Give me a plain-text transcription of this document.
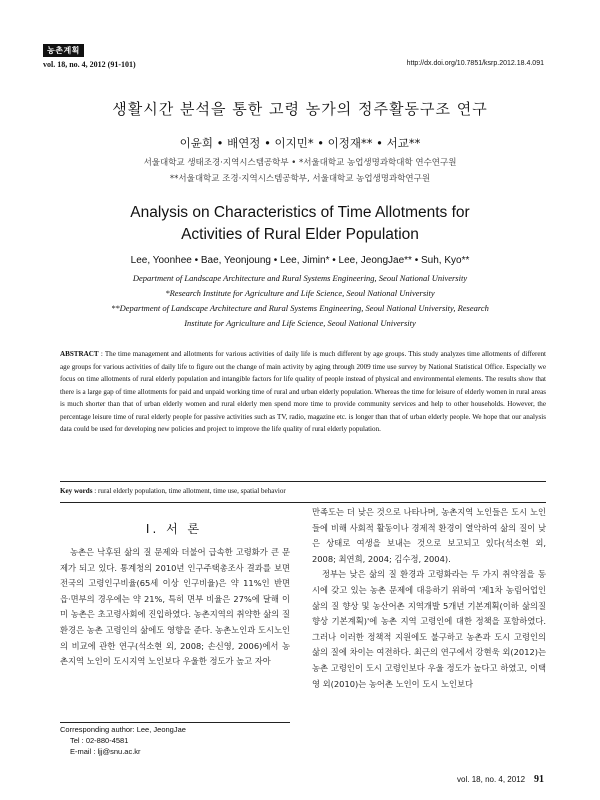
농촌계획
vol. 18, no. 4, 2012 (91-101)	http://dx.doi.org/10.7851/ksrp.2012.18.4.091
생활시간 분석을 통한 고령 농가의 정주활동구조 연구
이윤희 • 배연정 • 이지민* • 이정재** • 서교**
서울대학교 생태조경·지역시스템공학부 • *서울대학교 농업생명과학대학 연수연구원
**서울대학교 조경·지역시스템공학부, 서울대학교 농업생명과학연구원
Analysis on Characteristics of Time Allotments for
Activities of Rural Elder Population
Lee, Yoonhee • Bae, Yeonjoung • Lee, Jimin* • Lee, JeongJae** • Suh, Kyo**
Department of Landscape Architecture and Rural Systems Engineering, Seoul National University
*Research Institute for Agriculture and Life Science, Seoul National University
**Department of Landscape Architecture and Rural Systems Engineering, Seoul National University, Research
Institute for Agriculture and Life Science, Seoul National University
ABSTRACT : The time management and allotments for various activities of daily life is much different by age groups. This study analyzes time allotments of different age groups for various activities of daily life to figure out the change of main activity by aging through 2009 time use survey by National Statistical Office. Especially we focus on time allotments of rural elderly population and intangible factors for life quality of people instead of physical and environmental elements. The results show that there is a large gap of time allotments for paid and unpaid working time of rural and urban elderly population. Whereas the time for leisure of elderly women in rural areas is much shorter than that of urban elderly women and rural elderly men spend more time to provide community services and help to other households. However, the percentage leisure time of rural elderly people for passive activities such as TV, radio, magazine etc. is longer than that of urban elderly people. We hope that our analysis data could be used for developing new policies and project to improve the life quality of rural elderly population.
Key words : rural elderly population, time allotment, time use, spatial behavior
I. 서 론
농촌은 낙후된 삶의 질 문제와 더불어 급속한 고령화가 큰 문제가 되고 있다. 통계청의 2010년 인구주택총조사 결과를 보면 전국의 고령인구비율(65세 이상 인구비율)은 약 11%인 반면 읍·면부의 경우에는 약 21%, 특히 면부 비율은 27%에 달해 이미 농촌은 초고령사회에 진입하였다. 농촌지역의 취약한 삶의 질 환경은 농촌 고령인의 삶에도 영향을 준다. 농촌노인과 도시노인의 비교에 관한 연구(석소현 외, 2008; 손신영, 2006)에서 농촌지역 노인이 도시지역 노인보다 우울한 정도가 높고 자아
만족도는 더 낮은 것으로 나타나며, 농촌지역 노인들은 도시 노인들에 비해 사회적 활동이나 경제적 환경이 열악하여 삶의 질이 낮은 상태로 여생을 보내는 것으로 보고되고 있다(석소현 외, 2008; 최연희, 2004; 김수정, 2004).
정부는 낮은 삶의 질 환경과 고령화라는 두 가지 취약점을 동시에 갖고 있는 농촌 문제에 대응하기 위하여 '제1차 농림어업인 삶의 질 향상 및 농산어촌 지역개발 5개년 기본계획(이하 삶의질 향상 기본계획)'에 농촌 지역 고령인에 대한 정책을 포함하였다. 그러나 이러한 정책적 지원에도 불구하고 농촌과 도시 고령인의 삶의 질에 차이는 여전하다. 최근의 연구에서 강현욱 외(2012)는 농촌 고령인이 도시 고령인보다 우울 정도가 높다고 하였고, 이택영 외(2010)는 농어촌 노인이 도시 노인보다
Corresponding author: Lee, JeongJae
Tel : 02-880-4581
E-mail : ljj@snu.ac.kr
vol. 18, no. 4, 2012 91
